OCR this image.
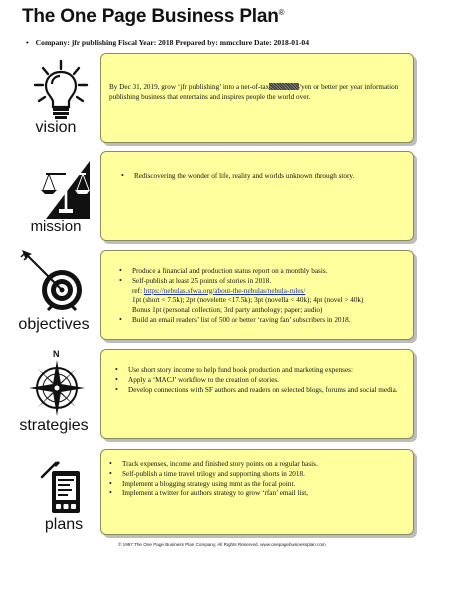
The One Page Business Plan®
• Company: jfr publishing Fiscal Year: 2018 Prepared by: mmcclure Date: 2018-01-04
vision
By Dec 31, 2019, grow ‘jfr publishing’ into a net-of-tax	/yen or better per year information publishing business that entertains and inspires people the world over.
mission
• Rediscovering the wonder of life, reality and worlds unknown through story.
objectives
• Produce a financial and production status report on a monthly basis.
• Self-publish at least 25 points of stories in 2018.
ref: https://nebulas.sfwa.org/about-the-nebulas/nebula-rules/
1pt (short < 7.5k); 2pt (novelette <17.5k); 3pt (novella < 40k); 4pt (novel > 40k)
Bonus 1pt (personal collection; 3rd party anthology; paper; audio)
• Build an email readers’ list of 500 or better ‘raving fan’ subscribers in 2018.
N
strategies
• Use short story income to help fund book production and marketing expenses:
• Apply a ‘MACJ’ workflow to the creation of stories.
• Develop connections with SF authors and readers on selected blogs, forums and social media.
plans
• Track expenses, income and finished story points on a regular basis.
• Self-publish a time travel trilogy and supporting shorts in 2018.
• Implement a blogging strategy using mmt as the focal point.
• Implement a twitter for authors strategy to grow ‘rfan’ email list,
© 1997 The One Page Business Plan Company, All Rights Reserved. www.onepagebusinessplan.com
